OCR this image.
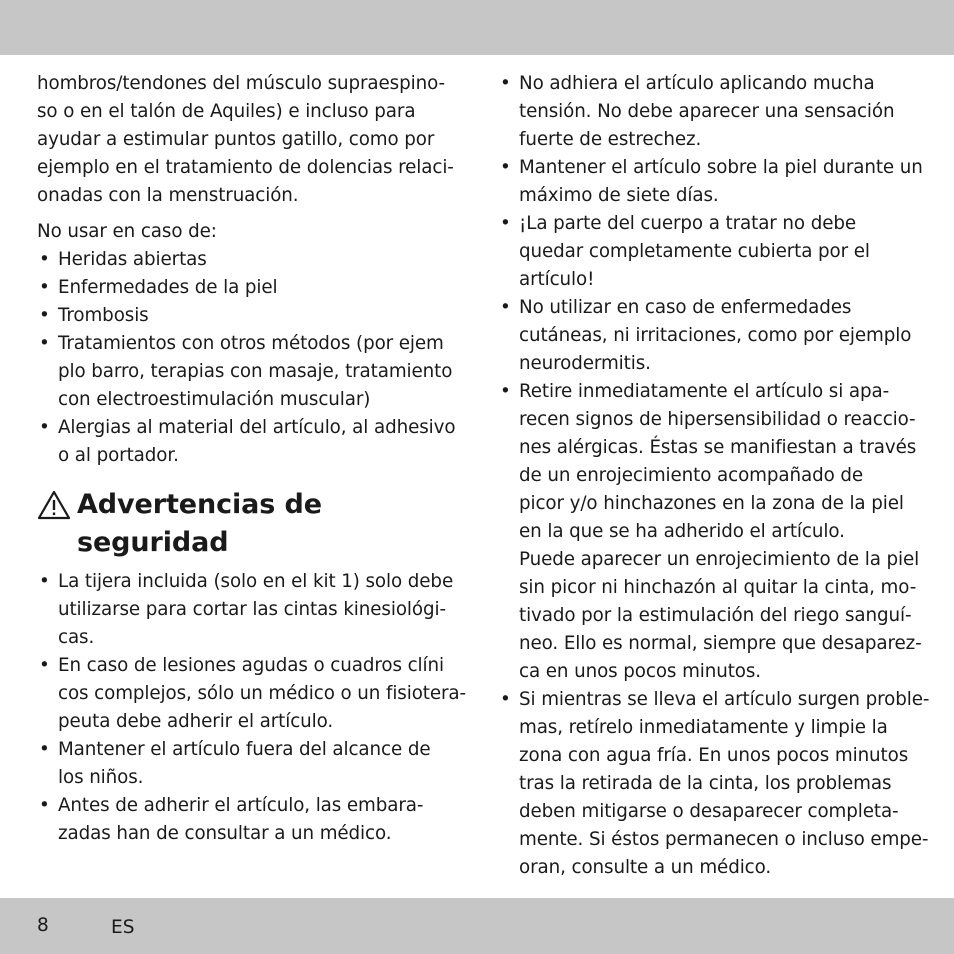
hombros/tendones del músculo supraespino-
so o en el talón de Aquiles) e incluso para
ayudar a estimular puntos gatillo, como por
ejemplo en el tratamiento de dolencias relaci-
onadas con la menstruación.

No usar en caso de:

• Heridas abiertas
• Enfermedades de la piel
• Trombosis
• Tratamientos con otros métodos (por ejem
plo barro, terapias con masaje, tratamiento
con electroestimulación muscular)
• Alergias al material del artículo, al adhesivo
o al portador.
Advertencias de
seguridad
• La tijera incluida (solo en el kit 1) solo debe
utilizarse para cortar las cintas kinesiológi-
cas.
• En caso de lesiones agudas o cuadros clíni
cos complejos, sólo un médico o un fisiotera-
peuta debe adherir el artículo.
• Mantener el artículo fuera del alcance de
los niños.
• Antes de adherir el artículo, las embara-
zadas han de consultar a un médico.
• No adhiera el artículo aplicando mucha
tensión. No debe aparecer una sensación
fuerte de estrechez.
• Mantener el artículo sobre la piel durante un
máximo de siete días.
• ¡La parte del cuerpo a tratar no debe
quedar completamente cubierta por el
artículo!
• No utilizar en caso de enfermedades
cutáneas, ni irritaciones, como por ejemplo
neurodermitis.
• Retire inmediatamente el artículo si apa-
recen signos de hipersensibilidad o reaccio-
nes alérgicas. Éstas se manifiestan a través
de un enrojecimiento acompañado de
picor y/o hinchazones en la zona de la piel
en la que se ha adherido el artículo.
Puede aparecer un enrojecimiento de la piel
sin picor ni hinchazón al quitar la cinta, mo-
tivado por la estimulación del riego sanguí-
neo. Ello es normal, siempre que desaparez-
ca en unos pocos minutos.
• Si mientras se lleva el artículo surgen proble-
mas, retírelo inmediatamente y limpie la
zona con agua fría. En unos pocos minutos
tras la retirada de la cinta, los problemas
deben mitigarse o desaparecer completa-
mente. Si éstos permanecen o incluso empe-
oran, consulte a un médico.
8	ES
